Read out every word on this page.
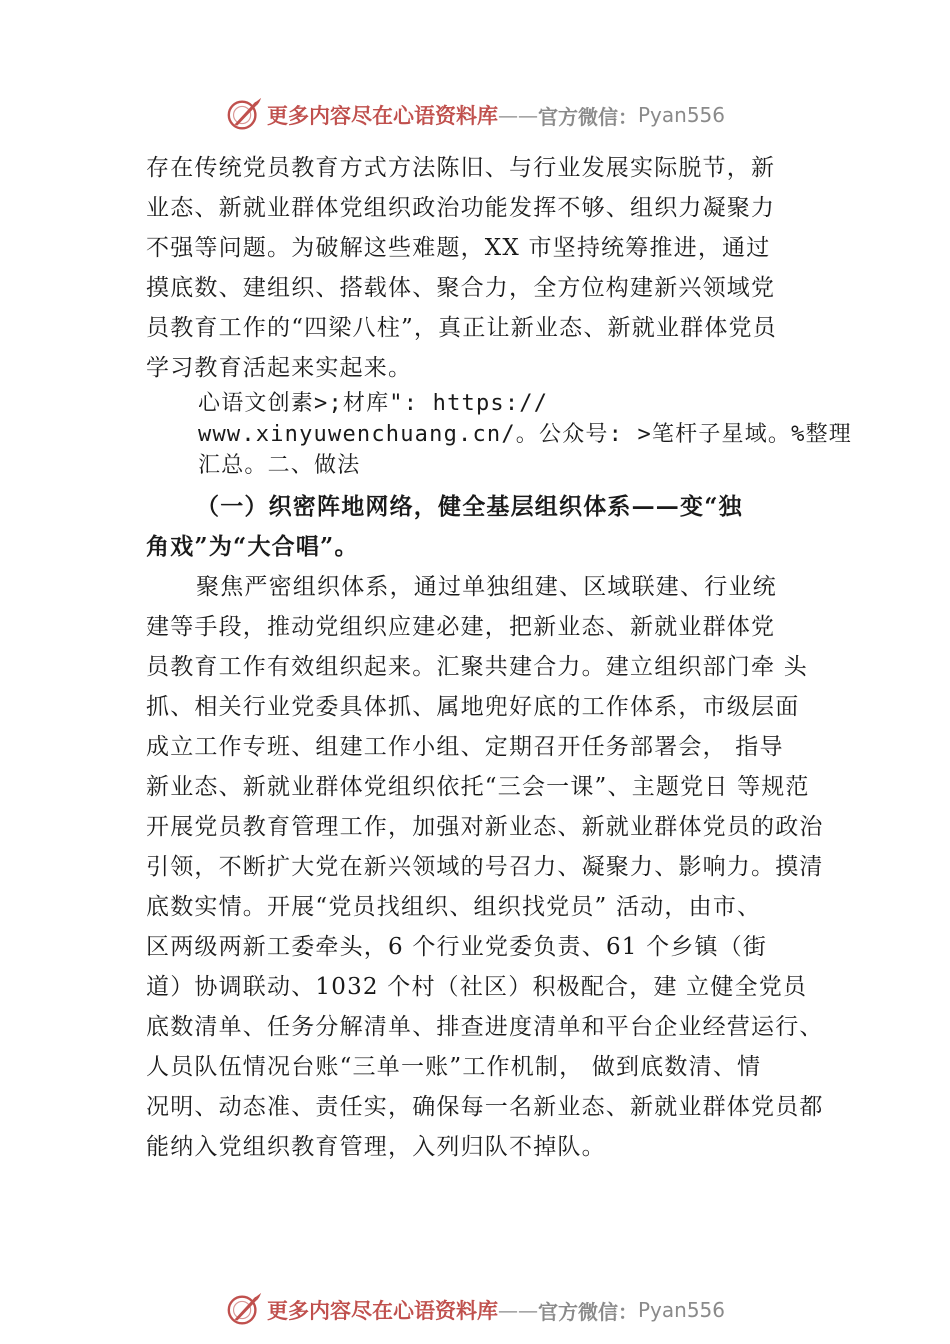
更多内容尽在心语资料库 —— 官方微信： Pyan556
存在传统党员教育方式方法陈旧、与行业发展实际脱节，新
业态、新就业群体党组织政治功能发挥不够、组织力凝聚力
不强等问题。为破解这些难题，XX 市坚持统筹推进，通过
摸底数、建组织、搭载体、聚合力，全方位构建新兴领域党
员教育工作的“四梁八柱”，真正让新业态、新就业群体党员
学习教育活起来实起来。
心语文创素>;材库": https://
www.xinyuwenchuang.cn/。公众号: >笔杆子星域。%整理
汇总。二、做法
（一）织密阵地网络，健全基层组织体系——变“独
角戏”为“大合唱”。
聚焦严密组织体系，通过单独组建、区域联建、行业统
建等手段，推动党组织应建必建，把新业态、新就业群体党
员教育工作有效组织起来。汇聚共建合力。建立组织部门牵 头
抓、相关行业党委具体抓、属地兜好底的工作体系，市级层面
成立工作专班、组建工作小组、定期召开任务部署会， 指导
新业态、新就业群体党组织依托“三会一课”、主题党日 等规范
开展党员教育管理工作，加强对新业态、新就业群体党员的政治
引领，不断扩大党在新兴领域的号召力、凝聚力、影响力。摸清
底数实情。开展“党员找组织、组织找党员” 活动，由市、
区两级两新工委牵头，6 个行业党委负责、61 个乡镇（街
道）协调联动、1032 个村（社区）积极配合，建 立健全党员
底数清单、任务分解清单、排查进度清单和平台企业经营运行、
人员队伍情况台账“三单一账”工作机制， 做到底数清、情
况明、动态准、责任实，确保每一名新业态、新就业群体党员都
能纳入党组织教育管理，入列归队不掉队。
更多内容尽在心语资料库 —— 官方微信： Pyan556
